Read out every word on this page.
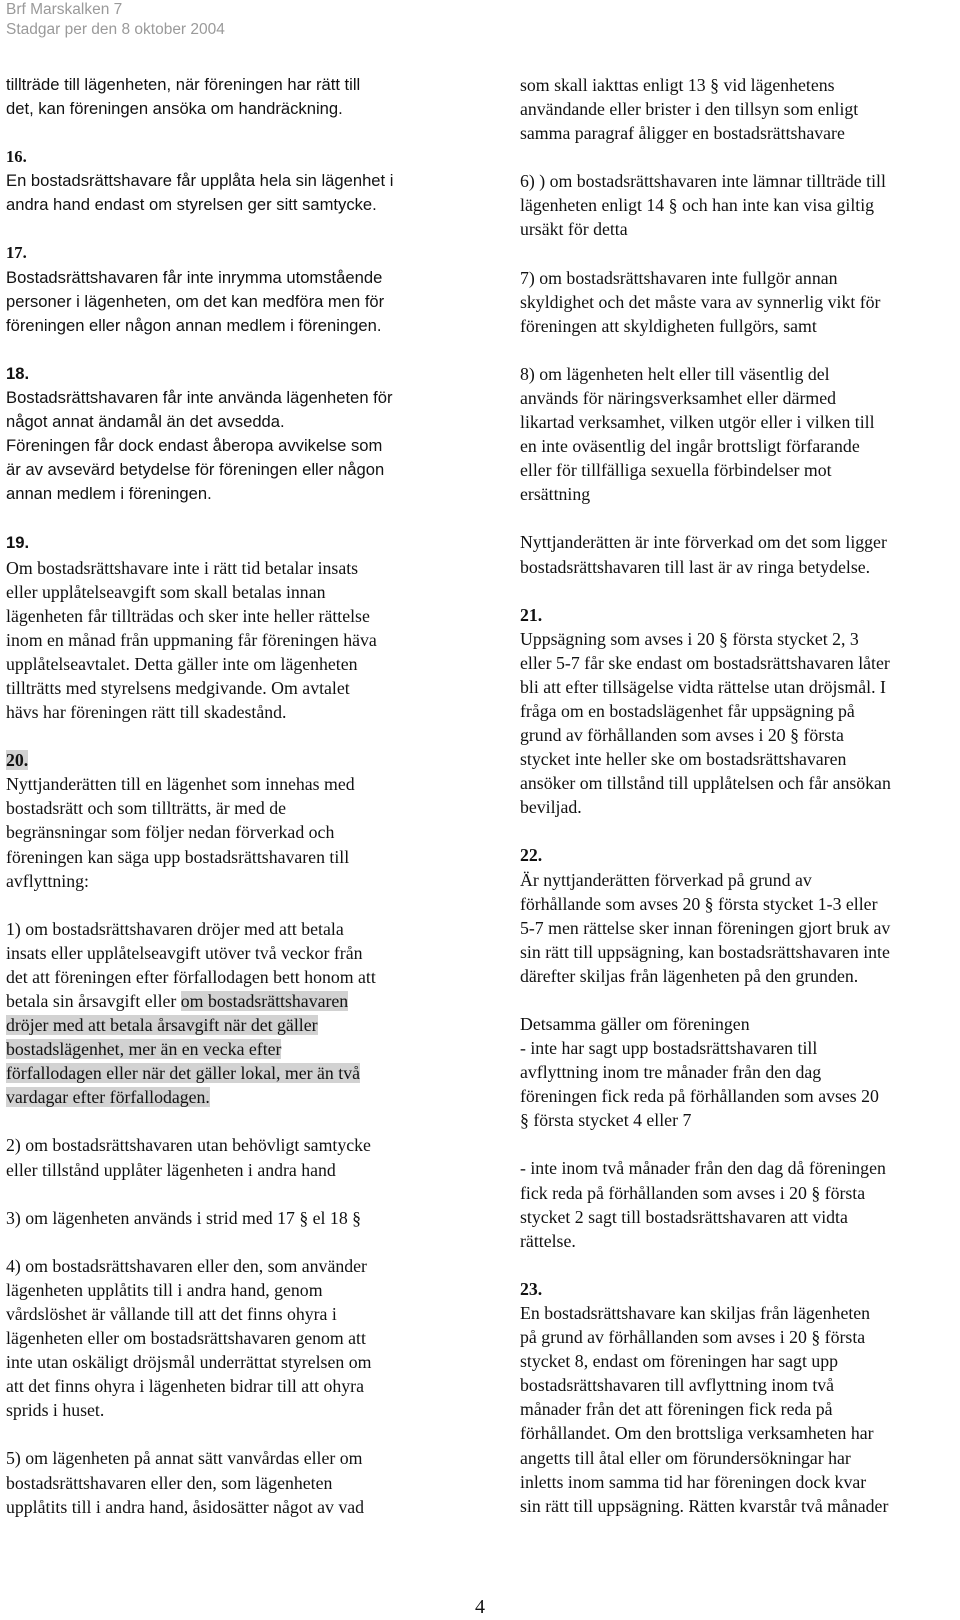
Brf Marskalken 7
Stadgar per den 8 oktober 2004

tillträde till lägenheten, när föreningen har rätt till
det, kan föreningen ansöka om handräckning.

16.
En bostadsrättshavare får upplåta hela sin lägenhet i
andra hand endast om styrelsen ger sitt samtycke.

17.
Bostadsrättshavaren får inte inrymma utomstående
personer i lägenheten, om det kan medföra men för
föreningen eller någon annan medlem i föreningen.

18.
Bostadsrättshavaren får inte använda lägenheten för
något annat ändamål än det avsedda.
Föreningen får dock endast åberopa avvikelse som
är av avsevärd betydelse för föreningen eller någon
annan medlem i föreningen.

19.
Om bostadsrättshavare inte i rätt tid betalar insats
eller upplåtelseavgift som skall betalas innan
lägenheten får tillträdas och sker inte heller rättelse
inom en månad från uppmaning får föreningen häva
upplåtelseavtalet. Detta gäller inte om lägenheten
tillträtts med styrelsens medgivande. Om avtalet
hävs har föreningen rätt till skadestånd.

20.
Nyttjanderätten till en lägenhet som innehas med
bostadsrätt och som tillträtts, är med de
begränsningar som följer nedan förverkad och
föreningen kan säga upp bostadsrättshavaren till
avflyttning:

1) om bostadsrättshavaren dröjer med att betala
insats eller upplåtelseavgift utöver två veckor från
det att föreningen efter förfallodagen bett honom att
betala sin årsavgift eller om bostadsrättshavaren
dröjer med att betala årsavgift när det gäller
bostadslägenhet, mer än en vecka efter
förfallodagen eller när det gäller lokal, mer än två
vardagar efter förfallodagen.

2) om bostadsrättshavaren utan behövligt samtycke
eller tillstånd upplåter lägenheten i andra hand

3) om lägenheten används i strid med 17 § el 18 §

4) om bostadsrättshavaren eller den, som använder
lägenheten upplåtits till i andra hand, genom
vårdslöshet är vållande till att det finns ohyra i
lägenheten eller om bostadsrättshavaren genom att
inte utan oskäligt dröjsmål underrättat styrelsen om
att det finns ohyra i lägenheten bidrar till att ohyra
sprids i huset.

5) om lägenheten på annat sätt vanvårdas eller om
bostadsrättshavaren eller den, som lägenheten
upplåtits till i andra hand, åsidosätter något av vad

som skall iakttas enligt 13 § vid lägenhetens
användande eller brister i den tillsyn som enligt
samma paragraf åligger en bostadsrättshavare

6) ) om bostadsrättshavaren inte lämnar tillträde till
lägenheten enligt 14 § och han inte kan visa giltig
ursäkt för detta

7) om bostadsrättshavaren inte fullgör annan
skyldighet och det måste vara av synnerlig vikt för
föreningen att skyldigheten fullgörs, samt

8) om lägenheten helt eller till väsentlig del
används för näringsverksamhet eller därmed
likartad verksamhet, vilken utgör eller i vilken till
en inte oväsentlig del ingår brottsligt förfarande
eller för tillfälliga sexuella förbindelser mot
ersättning

Nyttjanderätten är inte förverkad om det som ligger
bostadsrättshavaren till last är av ringa betydelse.

21.
Uppsägning som avses i 20 § första stycket 2, 3
eller 5-7 får ske endast om bostadsrättshavaren låter
bli att efter tillsägelse vidta rättelse utan dröjsmål. I
fråga om en bostadslägenhet får uppsägning på
grund av förhållanden som avses i 20 § första
stycket inte heller ske om bostadsrättshavaren
ansöker om tillstånd till upplåtelsen och får ansökan
beviljad.

22.
Är nyttjanderätten förverkad på grund av
förhållande som avses 20 § första stycket 1-3 eller
5-7 men rättelse sker innan föreningen gjort bruk av
sin rätt till uppsägning, kan bostadsrättshavaren inte
därefter skiljas från lägenheten på den grunden.

Detsamma gäller om föreningen
- inte har sagt upp bostadsrättshavaren till
avflyttning inom tre månader från den dag
föreningen fick reda på förhållanden som avses 20
§ första stycket 4 eller 7

- inte inom två månader från den dag då föreningen
fick reda på förhållanden som avses i 20 § första
stycket 2 sagt till bostadsrättshavaren att vidta
rättelse.

23.
En bostadsrättshavare kan skiljas från lägenheten
på grund av förhållanden som avses i 20 § första
stycket 8, endast om föreningen har sagt upp
bostadsrättshavaren till avflyttning inom två
månader från det att föreningen fick reda på
förhållandet. Om den brottsliga verksamheten har
angetts till åtal eller om förundersökningar har
inletts inom samma tid har föreningen dock kvar
sin rätt till uppsägning. Rätten kvarstår två månader

4
